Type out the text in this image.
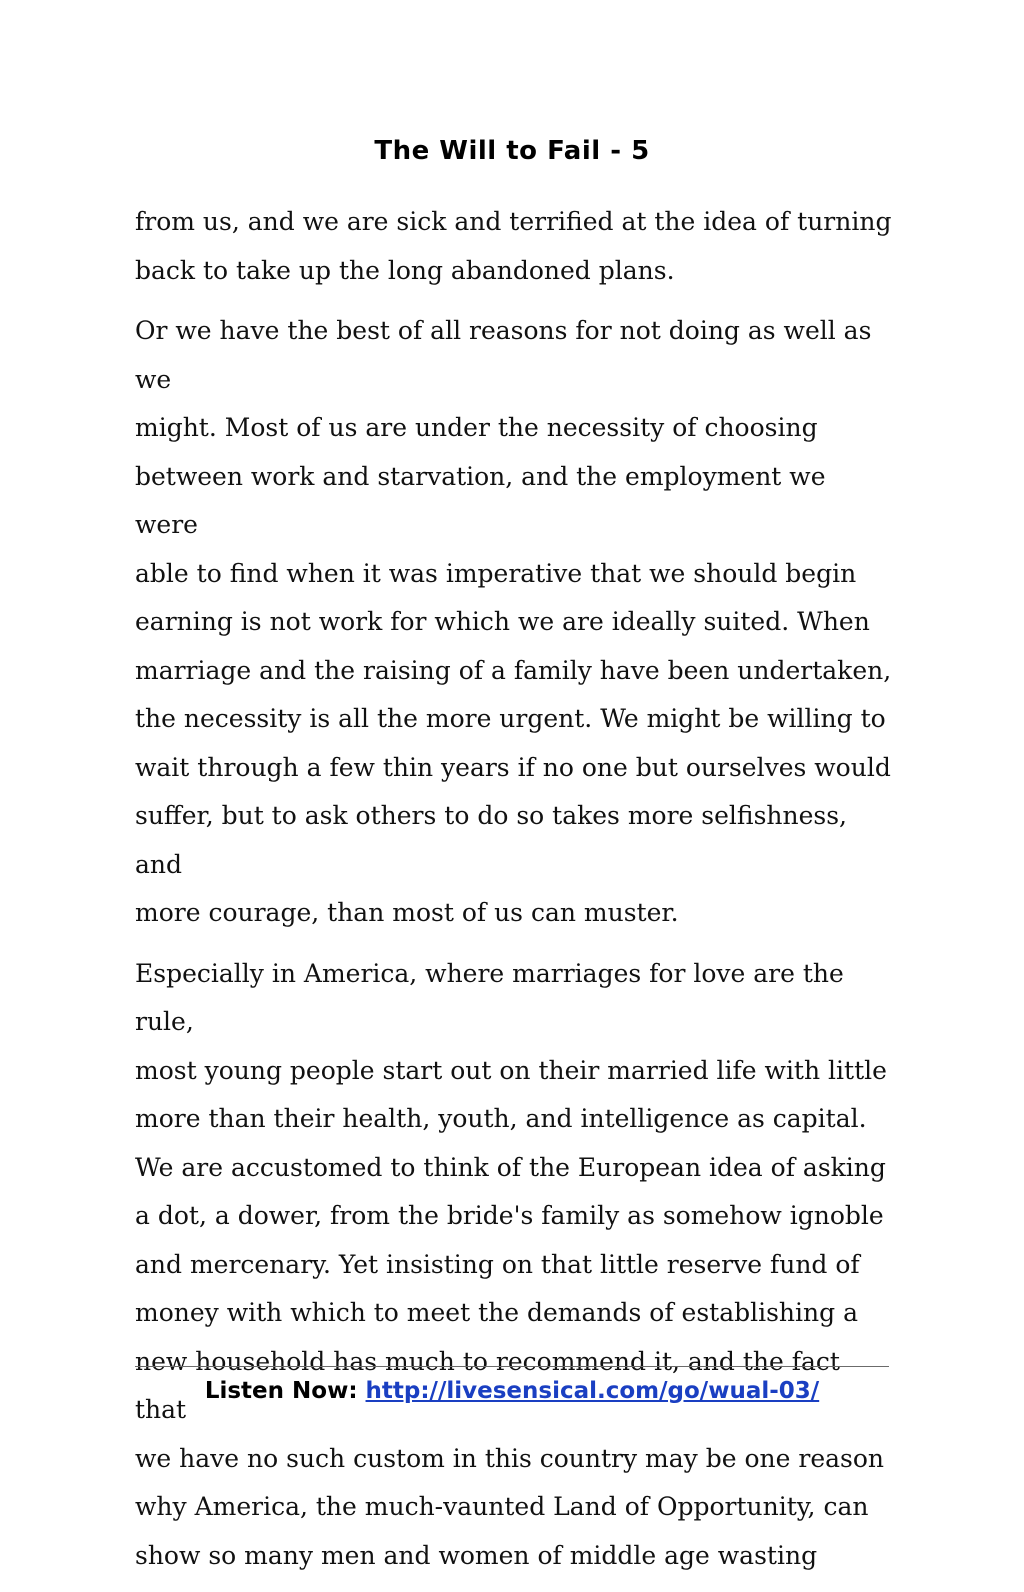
The Will to Fail - 5

from us, and we are sick and terrified at the idea of turning
back to take up the long abandoned plans.

Or we have the best of all reasons for not doing as well as we
might. Most of us are under the necessity of choosing
between work and starvation, and the employment we were
able to find when it was imperative that we should begin
earning is not work for which we are ideally suited. When
marriage and the raising of a family have been undertaken,
the necessity is all the more urgent. We might be willing to
wait through a few thin years if no one but ourselves would
suffer, but to ask others to do so takes more selfishness, and
more courage, than most of us can muster.

Especially in America, where marriages for love are the rule,
most young people start out on their married life with little
more than their health, youth, and intelligence as capital.
We are accustomed to think of the European idea of asking
a dot, a dower, from the bride's family as somehow ignoble
and mercenary. Yet insisting on that little reserve fund of
money with which to meet the demands of establishing a
new household has much to recommend it, and the fact that
we have no such custom in this country may be one reason
why America, the much-vaunted Land of Opportunity, can
show so many men and women of middle age wasting

Listen Now: http://livesensical.com/go/wual-03/
